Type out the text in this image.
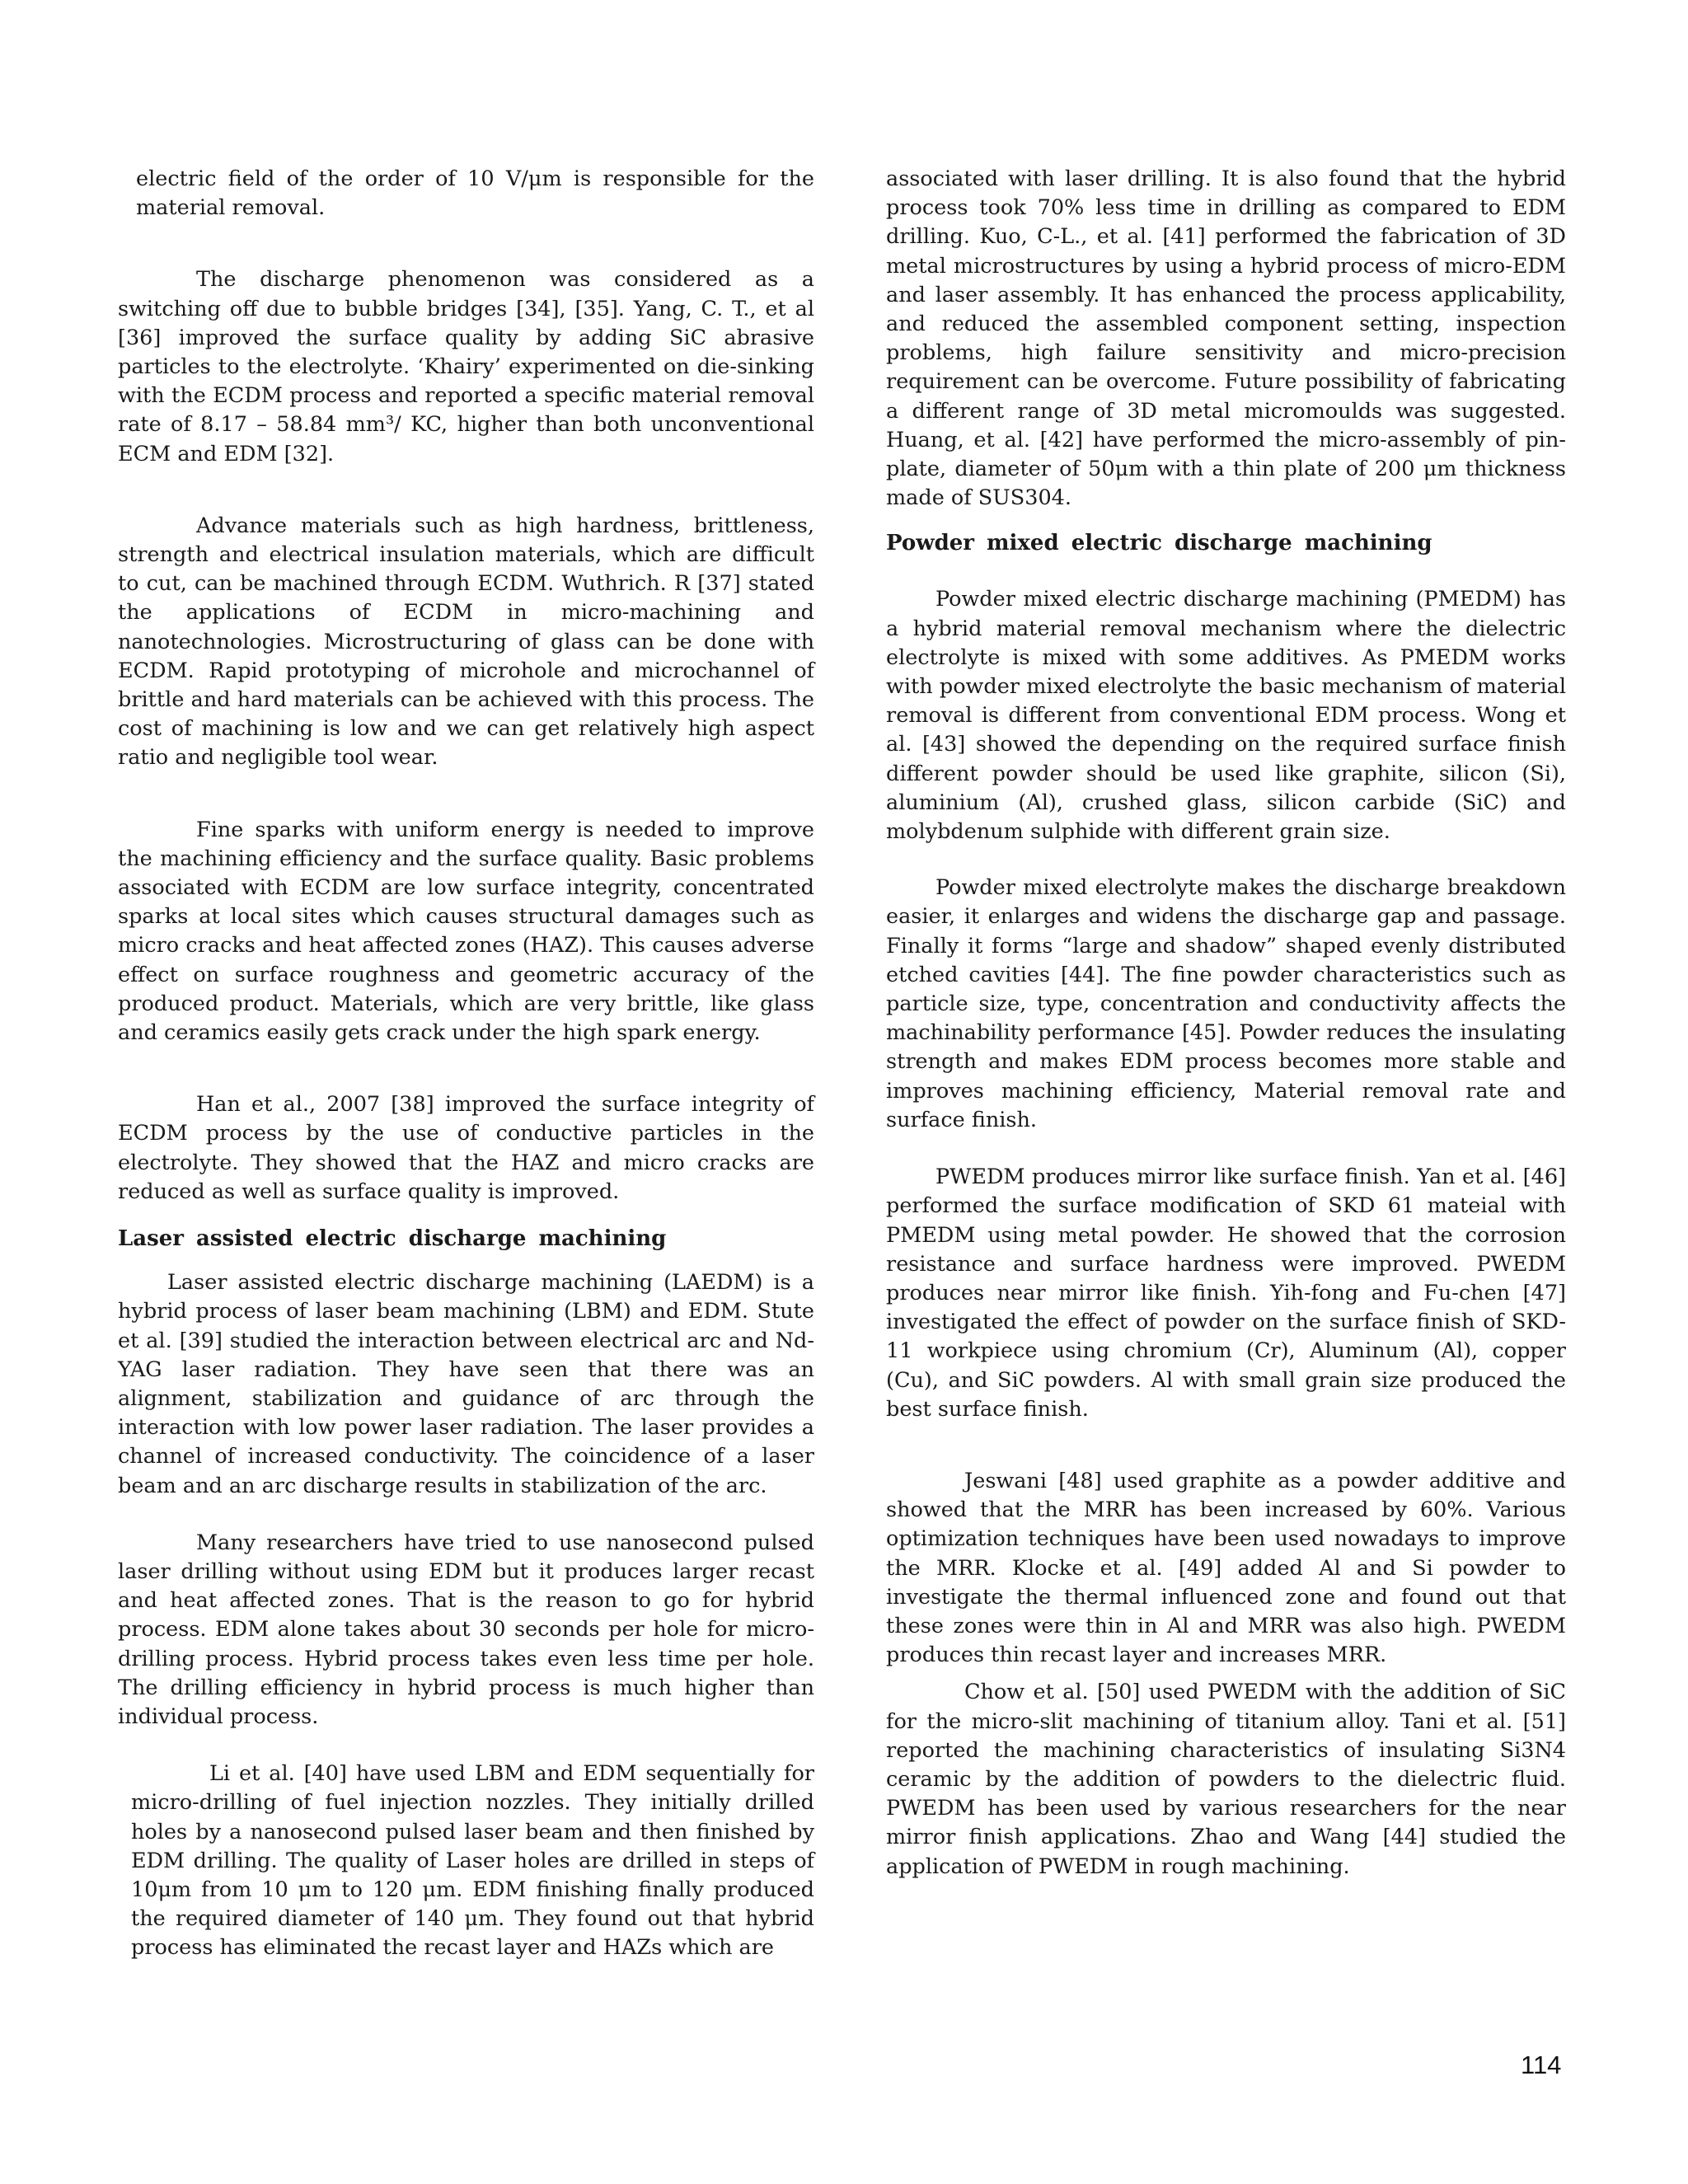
electric field of the order of 10 V/μm is responsible for the material removal.

The discharge phenomenon was considered as a switching off due to bubble bridges [34], [35]. Yang, C. T., et al [36] improved the surface quality by adding SiC abrasive particles to the electrolyte. ‘Khairy’ experimented on die-sinking with the ECDM process and reported a specific material removal rate of 8.17 – 58.84 mm³/ KC, higher than both unconventional ECM and EDM [32].

Advance materials such as high hardness, brittleness, strength and electrical insulation materials, which are difficult to cut, can be machined through ECDM. Wuthrich. R [37] stated the applications of ECDM in micro-machining and nanotechnologies. Microstructuring of glass can be done with ECDM. Rapid prototyping of microhole and microchannel of brittle and hard materials can be achieved with this process. The cost of machining is low and we can get relatively high aspect ratio and negligible tool wear.

Fine sparks with uniform energy is needed to improve the machining efficiency and the surface quality. Basic problems associated with ECDM are low surface integrity, concentrated sparks at local sites which causes structural damages such as micro cracks and heat affected zones (HAZ). This causes adverse effect on surface roughness and geometric accuracy of the produced product. Materials, which are very brittle, like glass and ceramics easily gets crack under the high spark energy.

Han et al., 2007 [38] improved the surface integrity of ECDM process by the use of conductive particles in the electrolyte. They showed that the HAZ and micro cracks are reduced as well as surface quality is improved.

Laser assisted electric discharge machining

Laser assisted electric discharge machining (LAEDM) is a hybrid process of laser beam machining (LBM) and EDM. Stute et al. [39] studied the interaction between electrical arc and Nd-YAG laser radiation. They have seen that there was an alignment, stabilization and guidance of arc through the interaction with low power laser radiation. The laser provides a channel of increased conductivity. The coincidence of a laser beam and an arc discharge results in stabilization of the arc.

Many researchers have tried to use nanosecond pulsed laser drilling without using EDM but it produces larger recast and heat affected zones. That is the reason to go for hybrid process. EDM alone takes about 30 seconds per hole for micro-drilling process. Hybrid process takes even less time per hole. The drilling efficiency in hybrid process is much higher than individual process.

Li et al. [40] have used LBM and EDM sequentially for micro-drilling of fuel injection nozzles. They initially drilled holes by a nanosecond pulsed laser beam and then finished by EDM drilling. The quality of Laser holes are drilled in steps of 10μm from 10 μm to 120 μm. EDM finishing finally produced the required diameter of 140 μm. They found out that hybrid process has eliminated the recast layer and HAZs which are

associated with laser drilling. It is also found that the hybrid process took 70% less time in drilling as compared to EDM drilling. Kuo, C-L., et al. [41] performed the fabrication of 3D metal microstructures by using a hybrid process of micro-EDM and laser assembly. It has enhanced the process applicability, and reduced the assembled component setting, inspection problems, high failure sensitivity and micro-precision requirement can be overcome. Future possibility of fabricating a different range of 3D metal micromoulds was suggested. Huang, et al. [42] have performed the micro-assembly of pin-plate, diameter of 50μm with a thin plate of 200 μm thickness made of SUS304.

Powder mixed electric discharge machining

Powder mixed electric discharge machining (PMEDM) has a hybrid material removal mechanism where the dielectric electrolyte is mixed with some additives. As PMEDM works with powder mixed electrolyte the basic mechanism of material removal is different from conventional EDM process. Wong et al. [43] showed the depending on the required surface finish different powder should be used like graphite, silicon (Si), aluminium (Al), crushed glass, silicon carbide (SiC) and molybdenum sulphide with different grain size.

Powder mixed electrolyte makes the discharge breakdown easier, it enlarges and widens the discharge gap and passage. Finally it forms “large and shadow” shaped evenly distributed etched cavities [44]. The fine powder characteristics such as particle size, type, concentration and conductivity affects the machinability performance [45]. Powder reduces the insulating strength and makes EDM process becomes more stable and improves machining efficiency, Material removal rate and surface finish.

PWEDM produces mirror like surface finish. Yan et al. [46] performed the surface modification of SKD 61 mateial with PMEDM using metal powder. He showed that the corrosion resistance and surface hardness were improved. PWEDM produces near mirror like finish. Yih-fong and Fu-chen [47] investigated the effect of powder on the surface finish of SKD-11 workpiece using chromium (Cr), Aluminum (Al), copper (Cu), and SiC powders. Al with small grain size produced the best surface finish.

Jeswani [48] used graphite as a powder additive and showed that the MRR has been increased by 60%. Various optimization techniques have been used nowadays to improve the MRR. Klocke et al. [49] added Al and Si powder to investigate the thermal influenced zone and found out that these zones were thin in Al and MRR was also high. PWEDM produces thin recast layer and increases MRR.

Chow et al. [50] used PWEDM with the addition of SiC for the micro-slit machining of titanium alloy. Tani et al. [51] reported the machining characteristics of insulating Si3N4 ceramic by the addition of powders to the dielectric fluid. PWEDM has been used by various researchers for the near mirror finish applications. Zhao and Wang [44] studied the application of PWEDM in rough machining.

114
